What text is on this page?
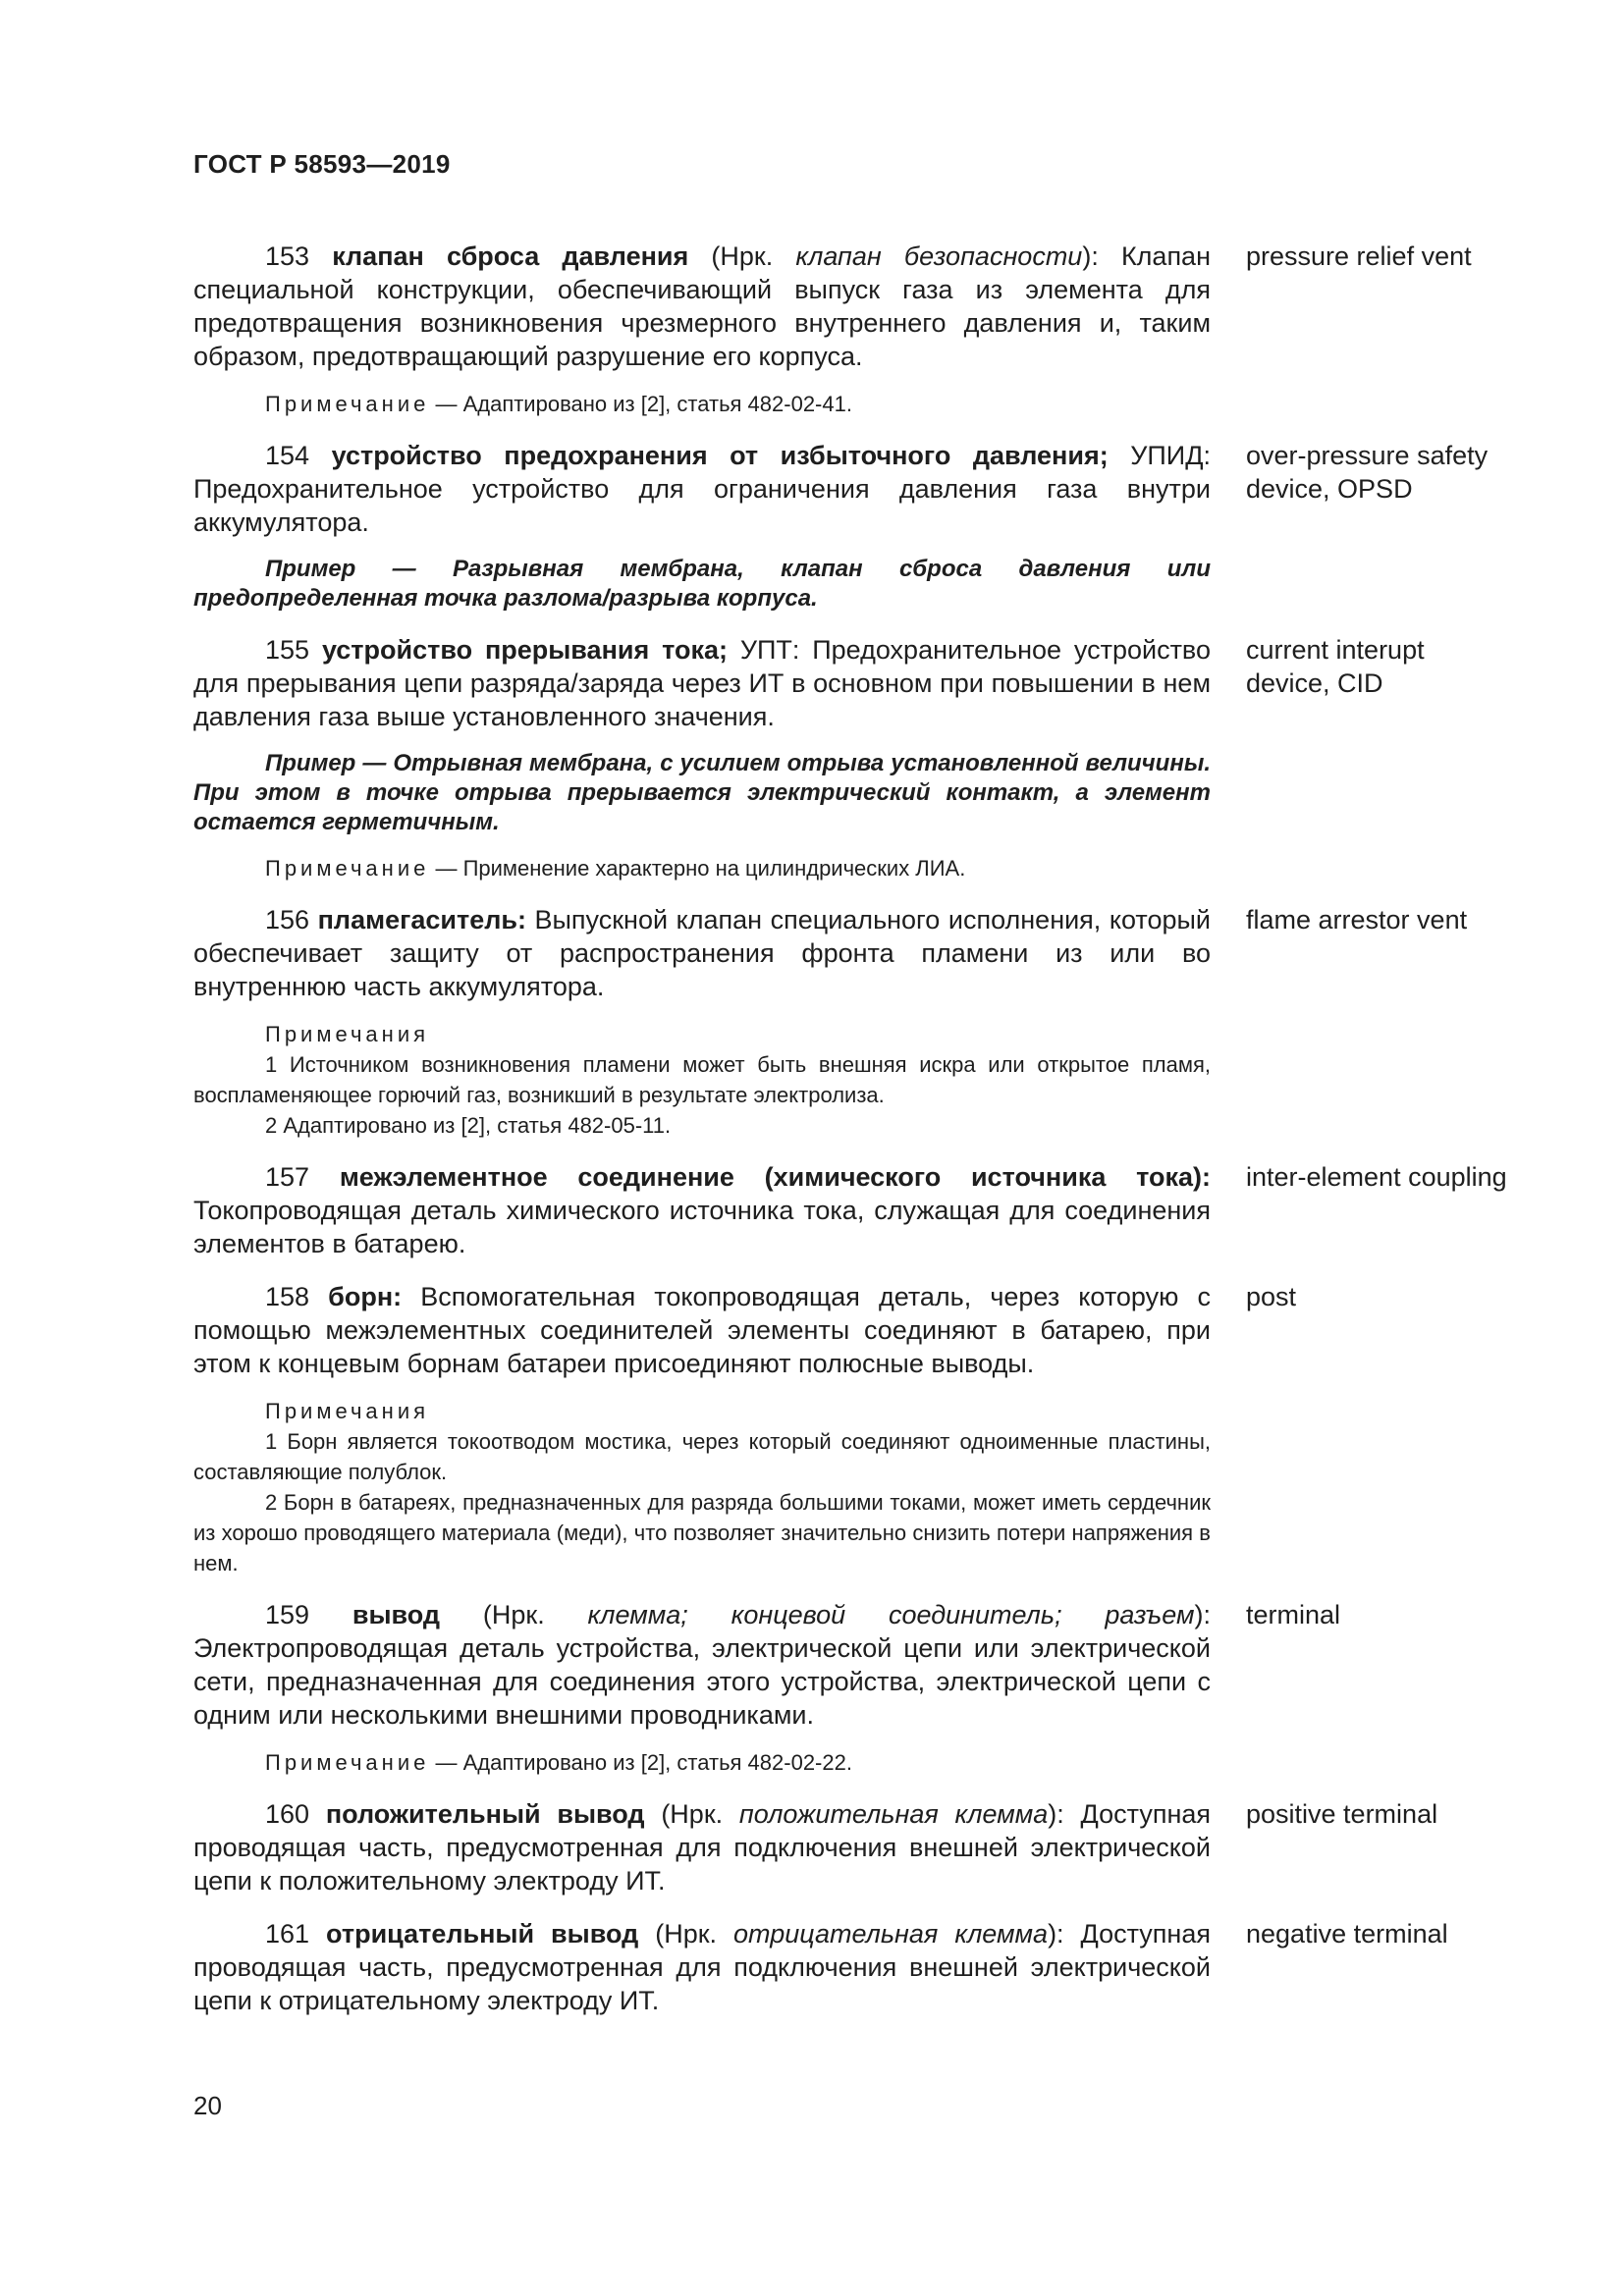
ГОСТ Р 58593—2019

153 клапан сброса давления (Нрк. клапан безопасности): Клапан специальной конструкции, обеспечивающий выпуск газа из элемента для предотвращения возникновения чрезмерного внутреннего давления и, таким образом, предотвращающий разрушение его корпуса.

Примечание — Адаптировано из [2], статья 482-02-41.

pressure relief vent

154 устройство предохранения от избыточного давления; УПИД: Предохранительное устройство для ограничения давления газа внутри аккумулятора.

Пример — Разрывная мембрана, клапан сброса давления или предопределенная точка разлома/разрыва корпуса.

over-pressure safety
device, OPSD

155 устройство прерывания тока; УПТ: Предохранительное устройство для прерывания цепи разряда/заряда через ИТ в основном при повышении в нем давления газа выше установленного значения.

Пример — Отрывная мембрана, с усилием отрыва установленной величины. При этом в точке отрыва прерывается электрический контакт, а элемент остается герметичным.

Примечание — Применение характерно на цилиндрических ЛИА.

current interupt
device, CID

156 пламегаситель: Выпускной клапан специального исполнения, который обеспечивает защиту от распространения фронта пламени из или во внутреннюю часть аккумулятора.

Примечания

1 Источником возникновения пламени может быть внешняя искра или открытое пламя, воспламеняющее горючий газ, возникший в результате электролиза.

2 Адаптировано из [2], статья 482-05-11.

flame arrestor vent

157 межэлементное соединение (химического источника тока): Токопроводящая деталь химического источника тока, служащая для соединения элементов в батарею.

inter-element coupling

158 борн: Вспомогательная токопроводящая деталь, через которую с помощью межэлементных соединителей элементы соединяют в батарею, при этом к концевым борнам батареи присоединяют полюсные выводы.

Примечания

1 Борн является токоотводом мостика, через который соединяют одноименные пластины, составляющие полублок.

2 Борн в батареях, предназначенных для разряда большими токами, может иметь сердечник из хорошо проводящего материала (меди), что позволяет значительно снизить потери напряжения в нем.

post

159 вывод (Нрк. клемма; концевой соединитель; разъем): Электропроводящая деталь устройства, электрической цепи или электрической сети, предназначенная для соединения этого устройства, электрической цепи с одним или несколькими внешними проводниками.

Примечание — Адаптировано из [2], статья 482-02-22.

terminal

160 положительный вывод (Нрк. положительная клемма): Доступная проводящая часть, предусмотренная для подключения внешней электрической цепи к положительному электроду ИТ.

positive terminal

161 отрицательный вывод (Нрк. отрицательная клемма): Доступная проводящая часть, предусмотренная для подключения внешней электрической цепи к отрицательному электроду ИТ.

negative terminal
20
